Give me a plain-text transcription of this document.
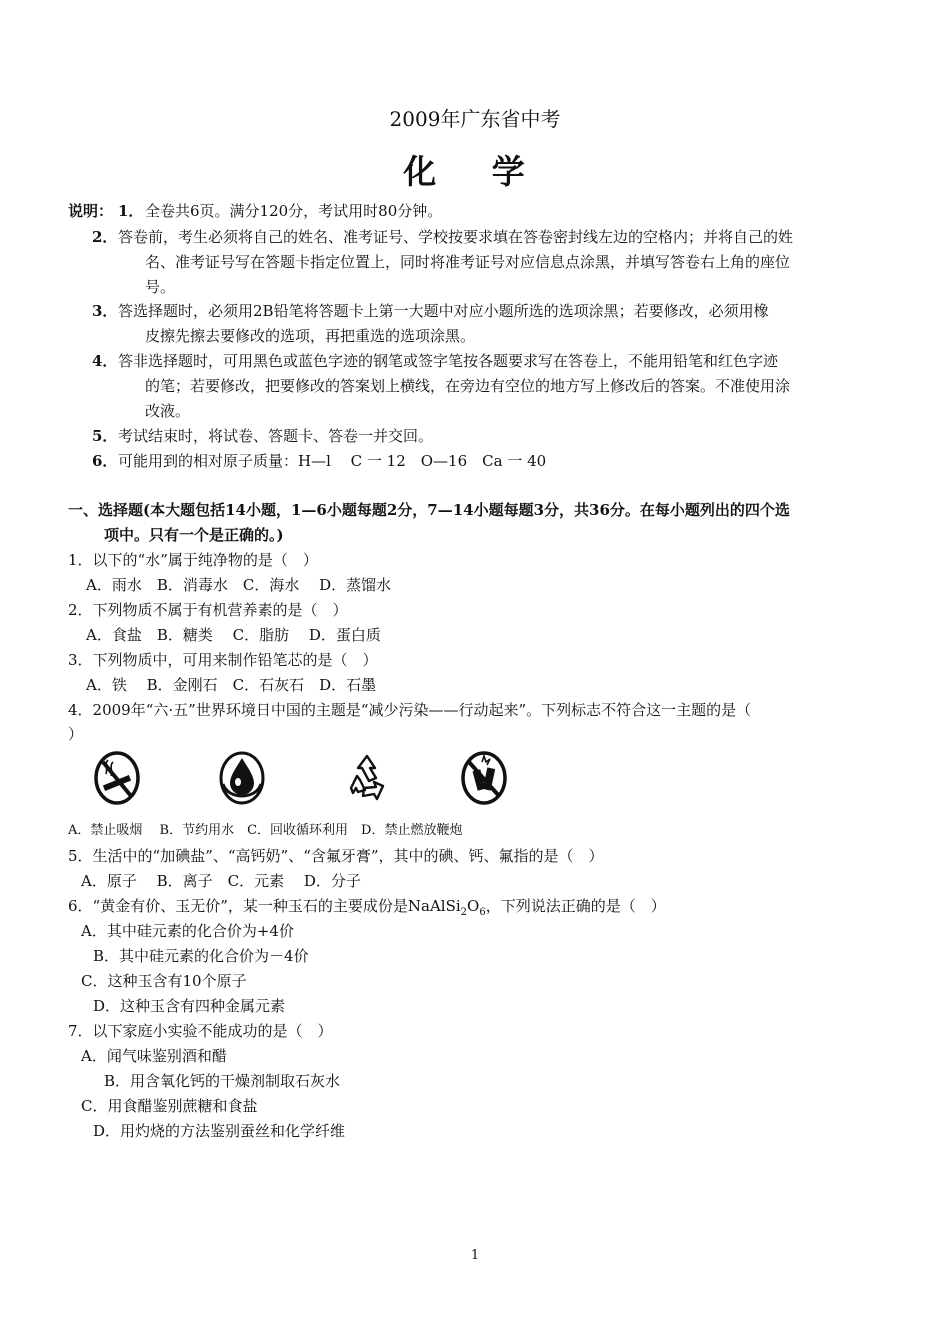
2009年广东省中考
化 学
说明： 1． 全卷共6页。满分120分，考试用时80分钟。
2． 答卷前，考生必须将自己的姓名、准考证号、学校按要求填在答卷密封线左边的空格内；并将自己的姓
名、准考证号写在答题卡指定位置上，同时将准考证号对应信息点涂黑，并填写答卷右上角的座位
号。
3． 答选择题时，必须用2B铅笔将答题卡上第一大题中对应小题所选的选项涂黑；若要修改，必须用橡
皮擦先擦去要修改的选项，再把重选的选项涂黑。
4． 答非选择题时，可用黑色或蓝色字迹的钢笔或签字笔按各题要求写在答卷上，不能用铅笔和红色字迹
的笔；若要修改，把要修改的答案划上横线，在旁边有空位的地方写上修改后的答案。不准使用涂
改液。
5． 考试结束时，将试卷、答题卡、答卷一并交回。
6． 可能用到的相对原子质量：H—l　 C 一 12　O—16　Ca 一 40
一、选择题(本大题包括14小题，1—6小题每题2分，7—14小题每题3分，共36分。在每小题列出的四个选
项中。只有一个是正确的。)
1．以下的“水”属于纯净物的是（　）
A．雨水　B．消毒水　C．海水　 D．蒸馏水
2．下列物质不属于有机营养素的是（　）
A．食盐　B．糖类　 C．脂肪　 D．蛋白质
3．下列物质中，可用来制作铅笔芯的是（　）
A．铁　 B．金刚石　C．石灰石　D．石墨
4．2009年“六·五”世界环境日中国的主题是“减少污染——行动起来”。下列标志不符合这一主题的是（
）
A．禁止吸烟　 B．节约用水　C．回收循环利用　D．禁止燃放鞭炮
5．生活中的“加碘盐”、“高钙奶”、“含氟牙膏”，其中的碘、钙、氟指的是（　）
A．原子　 B．离子　C．元素　 D．分子
6．“黄金有价、玉无价”，某一种玉石的主要成份是$NaAlSi_2O_6$，下列说法正确的是（　）
A．其中硅元素的化合价为+4价
B．其中硅元素的化合价为－4价
C．这种玉含有10个原子
D．这种玉含有四种金属元素
7．以下家庭小实验不能成功的是（　）
A．闻气味鉴别酒和醋
B．用含氧化钙的干燥剂制取石灰水
C．用食醋鉴别蔗糖和食盐
D．用灼烧的方法鉴别蚕丝和化学纤维
1
